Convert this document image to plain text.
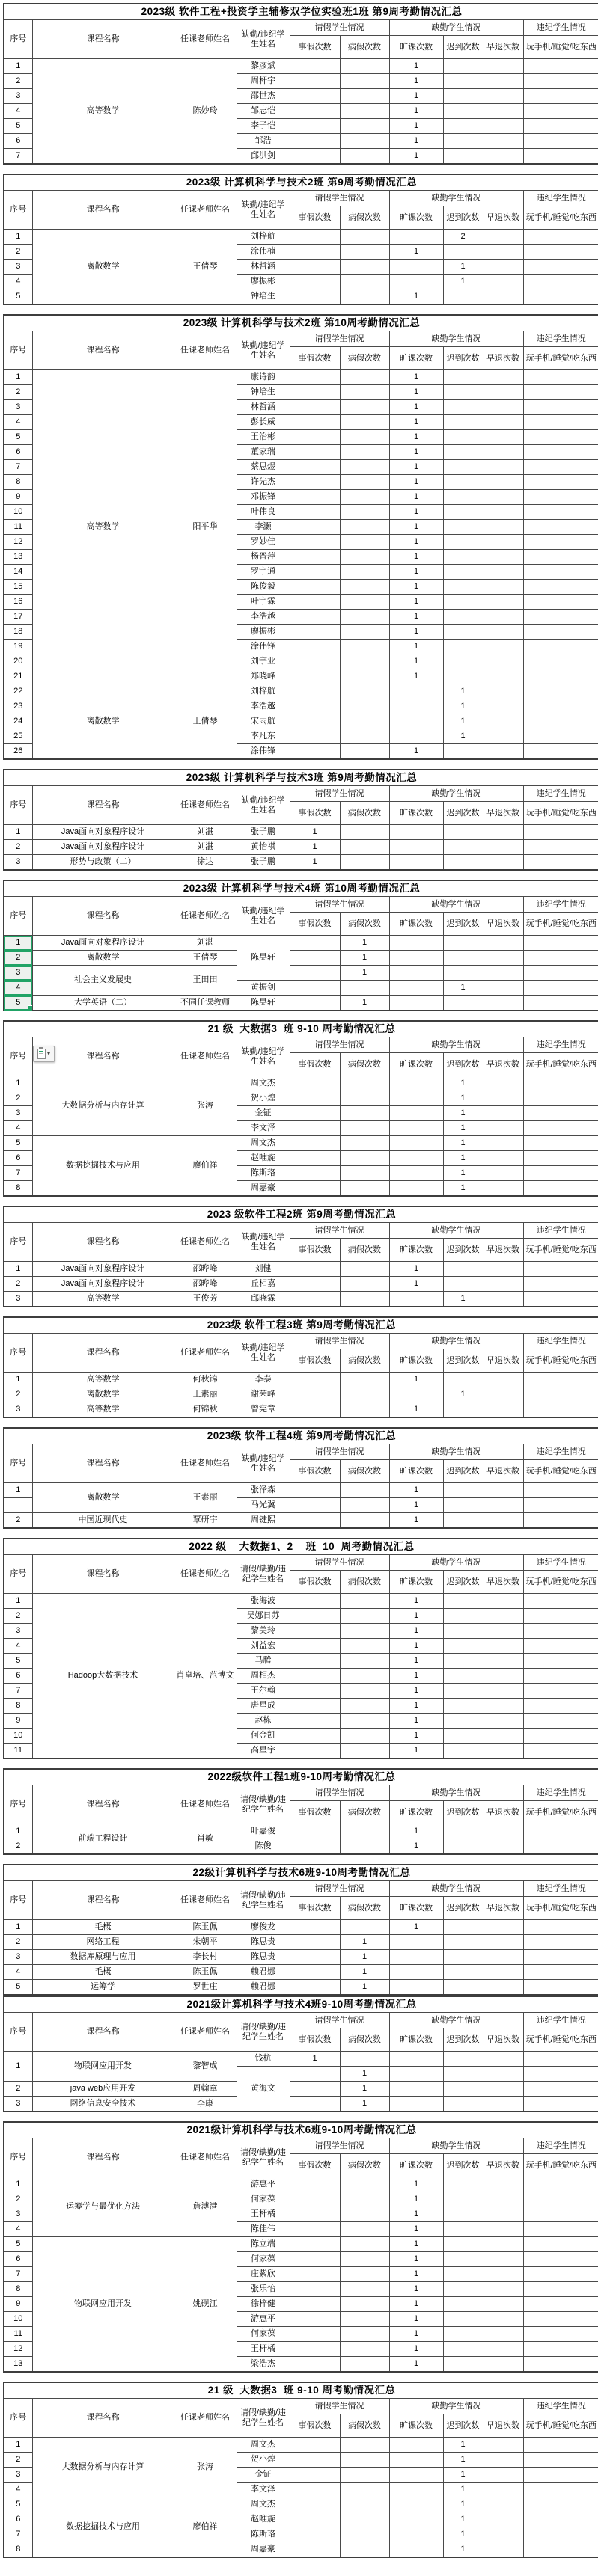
2023级 软件工程+投资学主辅修双学位实验班1班 第9周考勤情况汇总									
序号	课程名称	任课老师姓名	缺勤/违纪学生姓名	请假学生情况		缺勤学生情况			违纪学生情况
				事假次数	病假次数	旷课次数	迟到次数	早退次数	玩手机/睡觉/吃东西
1	高等数学	陈妙玲	黎彦斌			1			
2			周杆宇			1			
3			邵世杰			1			
4			邹志恺			1			
5			李子恺			1			
6			邹浩			1			
7			邱洪剑			1			
2023级 计算机科学与技术2班 第9周考勤情况汇总									
序号	课程名称	任课老师姓名	缺勤/违纪学生姓名	请假学生情况		缺勤学生情况			违纪学生情况
				事假次数	病假次数	旷课次数	迟到次数	早退次数	玩手机/睡觉/吃东西
1	离散数学	王倩琴	刘梓航				2		
2			涂伟楠			1			
3			林哲涵				1		
4			廖振彬				1		
5			钟培生			1			
2023级 计算机科学与技术2班 第10周考勤情况汇总									
序号	课程名称	任课老师姓名	缺勤/违纪学生姓名	请假学生情况		缺勤学生情况			违纪学生情况
				事假次数	病假次数	旷课次数	迟到次数	早退次数	玩手机/睡觉/吃东西
1	高等数学	阳平华	康诗韵			1			
2			钟培生			1			
3			林哲涵			1			
4			彭长威			1			
5			王治彬			1			
6			董家瑞			1			
7			蔡思煜			1			
8			许先杰			1			
9			邓振锋			1			
10			叶伟良			1			
11			李灏			1			
12			罗妙佳			1			
13			杨晋萍			1			
14			罗宇通			1			
15			陈俊毅			1			
16			叶宇霖			1			
17			李浩越			1			
18			廖振彬			1			
19			涂伟锋			1			
20			刘宇业			1			
21			郑晓峰			1			
22	离散数学	王倩琴	刘梓航				1		
23			李浩越				1		
24			宋雨航				1		
25			李凡东				1		
26			涂伟锋			1			
2023级 计算机科学与技术3班 第9周考勤情况汇总									
序号	课程名称	任课老师姓名	缺勤/违纪学生姓名	请假学生情况		缺勤学生情况			违纪学生情况
				事假次数	病假次数	旷课次数	迟到次数	早退次数	玩手机/睡觉/吃东西
1	Java面向对象程序设计	刘湛	张子鹏	1					
2	Java面向对象程序设计	刘湛	黄怡祺	1					
3	形势与政策（二）	徐达	张子鹏	1					
2023级 计算机科学与技术4班 第10周考勤情况汇总									
序号	课程名称	任课老师姓名	缺勤/违纪学生姓名	请假学生情况		缺勤学生情况			违纪学生情况
				事假次数	病假次数	旷课次数	迟到次数	早退次数	玩手机/睡觉/吃东西
1	Java面向对象程序设计	刘湛	陈昊轩		1				
2	离散数学	王倩琴			1				
3	社会主义发展史	王田田			1				
4			黄振剑				1		
5	大学英语（二）	不同任课教师	陈昊轩		1				
21 级  大数据3  班 9-10 周考勤情况汇总									
序号	课程名称	任课老师姓名	缺勤/违纪学生姓名	请假学生情况		缺勤学生情况			违纪学生情况
				事假次数	病假次数	旷课次数	迟到次数	早退次数	玩手机/睡觉/吃东西
1	大数据分析与内存计算	张涛	周文杰				1		
2			贺小煌				1		
3			金钲				1		
4			李文泽				1		
5	数据挖掘技术与应用	廖伯祥	周文杰				1		
6			赵唯旋				1		
7			陈斯珞				1		
8			周嘉豪				1		
▾
2023 级软件工程2班 第9周考勤情况汇总									
序号	课程名称	任课老师姓名	缺勤/违纪学生姓名	请假学生情况		缺勤学生情况			违纪学生情况
				事假次数	病假次数	旷课次数	迟到次数	早退次数	玩手机/睡觉/吃东西
1	Java面向对象程序设计	邵晔峰	刘健			1			
2	Java面向对象程序设计	邵晔峰	丘相嘉			1			
3	高等数学	王俊芳	邱晓霖				1		
2023级 软件工程3班 第9周考勤情况汇总									
序号	课程名称	任课老师姓名	缺勤/违纪学生姓名	请假学生情况		缺勤学生情况			违纪学生情况
				事假次数	病假次数	旷课次数	迟到次数	早退次数	玩手机/睡觉/吃东西
1	高等数学	何秋锦	李泰			1			
2	离散数学	王素丽	谢荣峰				1		
3	高等数学	何锦秋	曾宪章			1			
2023级 软件工程4班 第9周考勤情况汇总									
序号	课程名称	任课老师姓名	缺勤/违纪学生姓名	请假学生情况		缺勤学生情况			违纪学生情况
				事假次数	病假次数	旷课次数	迟到次数	早退次数	玩手机/睡觉/吃东西
1	离散数学	王素丽	张泽森			1			
			马光冀			1			
2	中国近现代史	覃研宇	周键熙			1			
2022 级    大数据1、2    班  10  周考勤情况汇总									
序号	课程名称	任课老师姓名	请假/缺勤/违纪学生姓名	请假学生情况		缺勤学生情况			违纪学生情况
				事假次数	病假次数	旷课次数	迟到次数	早退次数	玩手机/睡觉/吃东西
1	Hadoop大数据技术	肖皇培、范博文	张海波			1			
2			吴娜日苏			1			
3			黎美玲			1			
4			刘益宏			1			
5			马腾			1			
6			周相杰			1			
7			王尔翰			1			
8			唐星成			1			
9			赵栋			1			
10			何金凯			1			
11			高星宇			1			
2022级软件工程1班9-10周考勤情况汇总									
序号	课程名称	任课老师姓名	请假/缺勤/违纪学生姓名	请假学生情况		缺勤学生情况			违纪学生情况
				事假次数	病假次数	旷课次数	迟到次数	早退次数	玩手机/睡觉/吃东西
1	前端工程设计	肖敏	叶嘉俊			1			
2			陈俊			1			
22级计算机科学与技术6班9-10周考勤情况汇总									
序号	课程名称	任课老师姓名	请假/缺勤/违纪学生姓名	请假学生情况		缺勤学生情况			违纪学生情况
				事假次数	病假次数	旷课次数	迟到次数	早退次数	玩手机/睡觉/吃东西
1	毛概	陈玉佩	廖俊龙			1			
2	网络工程	朱朝平	陈思贵		1				
3	数据库原理与应用	李长村	陈思贵		1				
4	毛概	陈玉佩	赖君娜		1				
5	运筹学	罗世庄	赖君娜		1				
2021级计算机科学与技术4班9-10周考勤情况汇总									
序号	课程名称	任课老师姓名	请假/缺勤/违纪学生姓名	请假学生情况		缺勤学生情况			违纪学生情况
				事假次数	病假次数	旷课次数	迟到次数	早退次数	玩手机/睡觉/吃东西
1	物联网应用开发	黎智成	钱杭	1					
			黄海文		1				
2	java web应用开发	周翰章			1				
3	网络信息安全技术	李康			1				
2021级计算机科学与技术6班9-10周考勤情况汇总									
序号	课程名称	任课老师姓名	请假/缺勤/违纪学生姓名	请假学生情况		缺勤学生情况			违纪学生情况
				事假次数	病假次数	旷课次数	迟到次数	早退次数	玩手机/睡觉/吃东西
1	运筹学与最优化方法	詹溥港	游惠平			1			
2			何家葆			1			
3			王杆橘			1			
4			陈佳伟			1			
5	物联网应用开发	姚砚江	陈立端			1			
6			何家葆			1			
7			庄紫欣			1			
8			张乐怡			1			
9			徐梓健			1			
10			游惠平			1			
11			何家葆			1			
12			王杆橘			1			
13			梁浩杰			1			
21 级  大数据3  班 9-10 周考勤情况汇总									
序号	课程名称	任课老师姓名	请假/缺勤/违纪学生姓名	请假学生情况		缺勤学生情况			违纪学生情况
				事假次数	病假次数	旷课次数	迟到次数	早退次数	玩手机/睡觉/吃东西
1	大数据分析与内存计算	张涛	周文杰				1		
2			贺小煌				1		
3			金钲				1		
4			李文泽				1		
5	数据挖掘技术与应用	廖伯祥	周文杰				1		
6			赵唯旋				1		
7			陈斯珞				1		
8			周嘉豪				1		
